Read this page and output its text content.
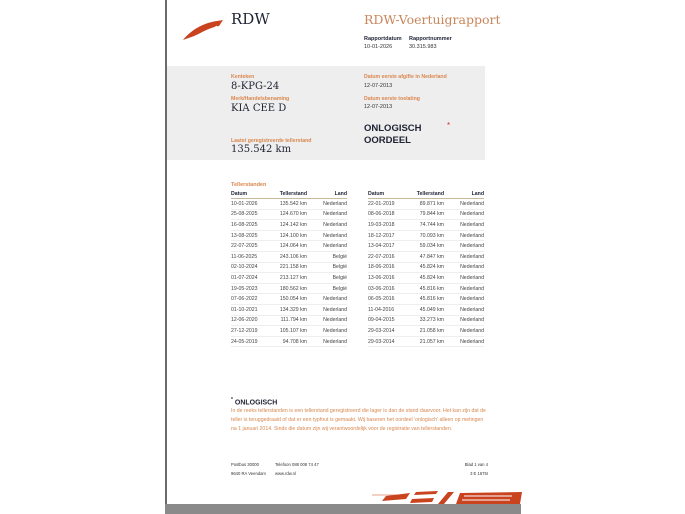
RDW	RDW-Voertuigrapport
Rapportdatum
10-01-2026
Rapportnummer
30.315.983
Kenteken
8-KPG-24
Merk/Handelsbenaming
KIA CEE D
Laatst geregistreerde tellerstand
135.542 km
Datum eerste afgifte in Nederland
12-07-2013
Datum eerste toelating
12-07-2013
ONLOGISCH
OORDEEL
*
Tellerstanden
Datum	Tellerstand	Land
10-01-2026	135.542 km	Nederland
25-08-2025	124.670 km	Nederland
16-08-2025	124.142 km	Nederland
13-08-2025	124.100 km	Nederland
22-07-2025	124.064 km	Nederland
11-06-2025	243.106 km	België
02-10-2024	221.158 km	België
01-07-2024	213.127 km	België
19-05-2023	180.562 km	België
07-06-2022	150.054 km	Nederland
01-10-2021	134.329 km	Nederland
12-06-2020	111.794 km	Nederland
27-12-2019	105.107 km	Nederland
24-05-2019	94.708 km	Nederland
Datum	Tellerstand	Land
22-01-2019	89.871 km	Nederland
08-06-2018	79.844 km	Nederland
19-03-2018	74.744 km	Nederland
18-12-2017	70.093 km	Nederland
13-04-2017	59.034 km	Nederland
22-07-2016	47.847 km	Nederland
18-06-2016	45.824 km	Nederland
13-06-2016	45.824 km	Nederland
03-06-2016	45.816 km	Nederland
06-05-2016	45.816 km	Nederland
11-04-2016	45.049 km	Nederland
09-04-2015	33.273 km	Nederland
29-03-2014	21.058 km	Nederland
29-03-2014	21.057 km	Nederland
* ONLOGISCH
In de reeks tellerstanden is een tellerstand geregistreerd die lager is dan de stand daarvoor. Het kan zijn dat de teller is teruggedraaid of dat er een typfout is gemaakt. Wij baseren het oordeel 'onlogisch' alleen op metingen na 1 januari 2014. Sinds die datum zijn wij verantwoordelijk voor de registratie van tellerstanden.
Postbus 30000
9640 RA Veendam
Telefoon 088 008 74 47
www.rdw.nl
Blad 1 van 4
3 E 1675I
